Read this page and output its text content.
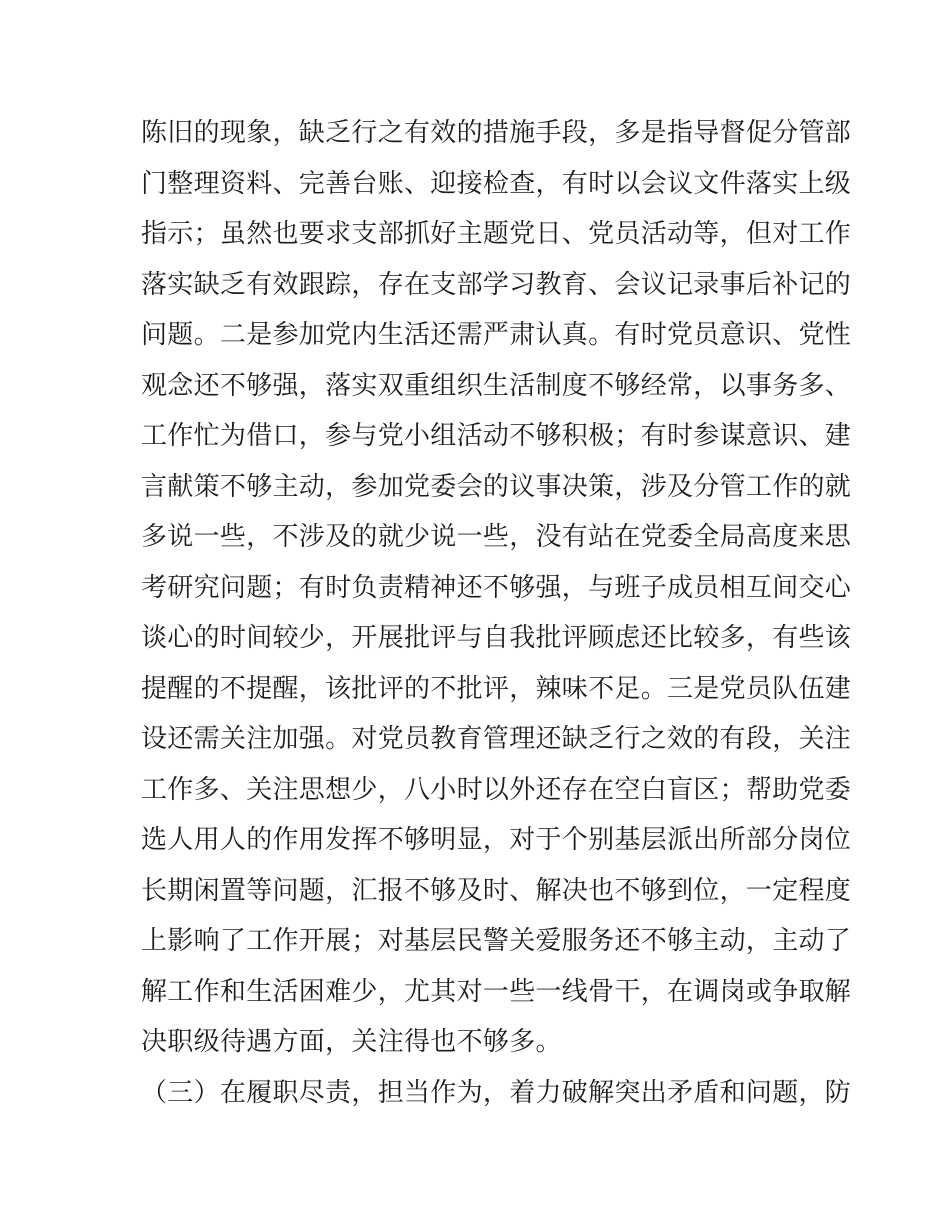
陈旧的现象，缺乏行之有效的措施手段，多是指导督促分管部
门整理资料、完善台账、迎接检查，有时以会议文件落实上级
指示；虽然也要求支部抓好主题党日、党员活动等，但对工作
落实缺乏有效跟踪，存在支部学习教育、会议记录事后补记的
问题。二是参加党内生活还需严肃认真。有时党员意识、党性
观念还不够强，落实双重组织生活制度不够经常，以事务多、
工作忙为借口，参与党小组活动不够积极；有时参谋意识、建
言献策不够主动，参加党委会的议事决策，涉及分管工作的就
多说一些，不涉及的就少说一些，没有站在党委全局高度来思
考研究问题；有时负责精神还不够强，与班子成员相互间交心
谈心的时间较少，开展批评与自我批评顾虑还比较多，有些该
提醒的不提醒，该批评的不批评，辣味不足。三是党员队伍建
设还需关注加强。对党员教育管理还缺乏行之效的有段，关注
工作多、关注思想少，八小时以外还存在空白盲区；帮助党委
选人用人的作用发挥不够明显，对于个别基层派出所部分岗位
长期闲置等问题，汇报不够及时、解决也不够到位，一定程度
上影响了工作开展；对基层民警关爱服务还不够主动，主动了
解工作和生活困难少，尤其对一些一线骨干，在调岗或争取解
决职级待遇方面，关注得也不够多。
（三）在履职尽责，担当作为，着力破解突出矛盾和问题，防
